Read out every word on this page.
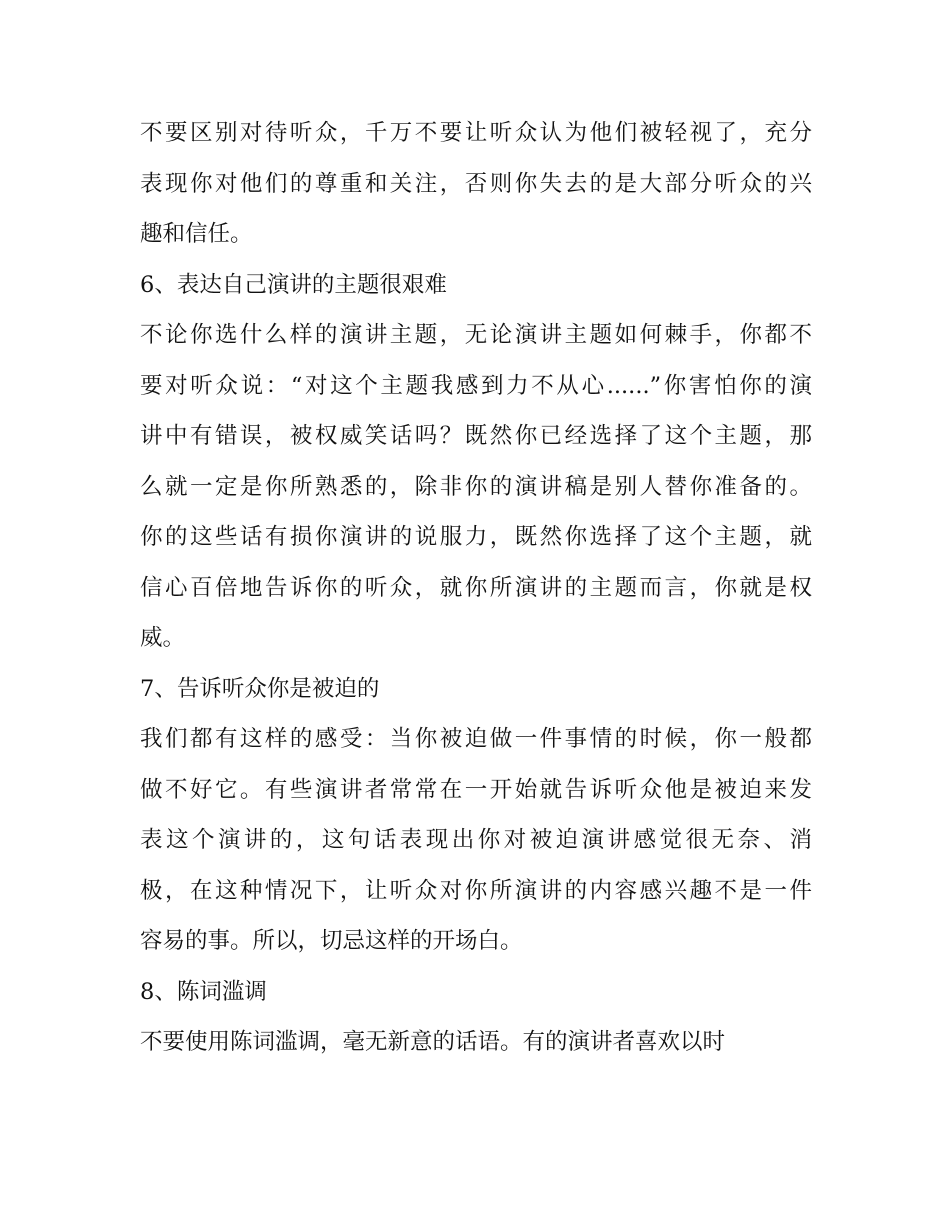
不要区别对待听众，千万不要让听众认为他们被轻视了，充分
表现你对他们的尊重和关注，否则你失去的是大部分听众的兴
趣和信任。
6、表达自己演讲的主题很艰难
不论你选什么样的演讲主题，无论演讲主题如何棘手，你都不
要对听众说：“对这个主题我感到力不从心......”你害怕你的演
讲中有错误，被权威笑话吗？既然你已经选择了这个主题，那
么就一定是你所熟悉的，除非你的演讲稿是别人替你准备的。
你的这些话有损你演讲的说服力，既然你选择了这个主题，就
信心百倍地告诉你的听众，就你所演讲的主题而言，你就是权
威。
7、告诉听众你是被迫的
我们都有这样的感受：当你被迫做一件事情的时候，你一般都
做不好它。有些演讲者常常在一开始就告诉听众他是被迫来发
表这个演讲的，这句话表现出你对被迫演讲感觉很无奈、消
极，在这种情况下，让听众对你所演讲的内容感兴趣不是一件
容易的事。所以，切忌这样的开场白。
8、陈词滥调
不要使用陈词滥调，毫无新意的话语。有的演讲者喜欢以时
